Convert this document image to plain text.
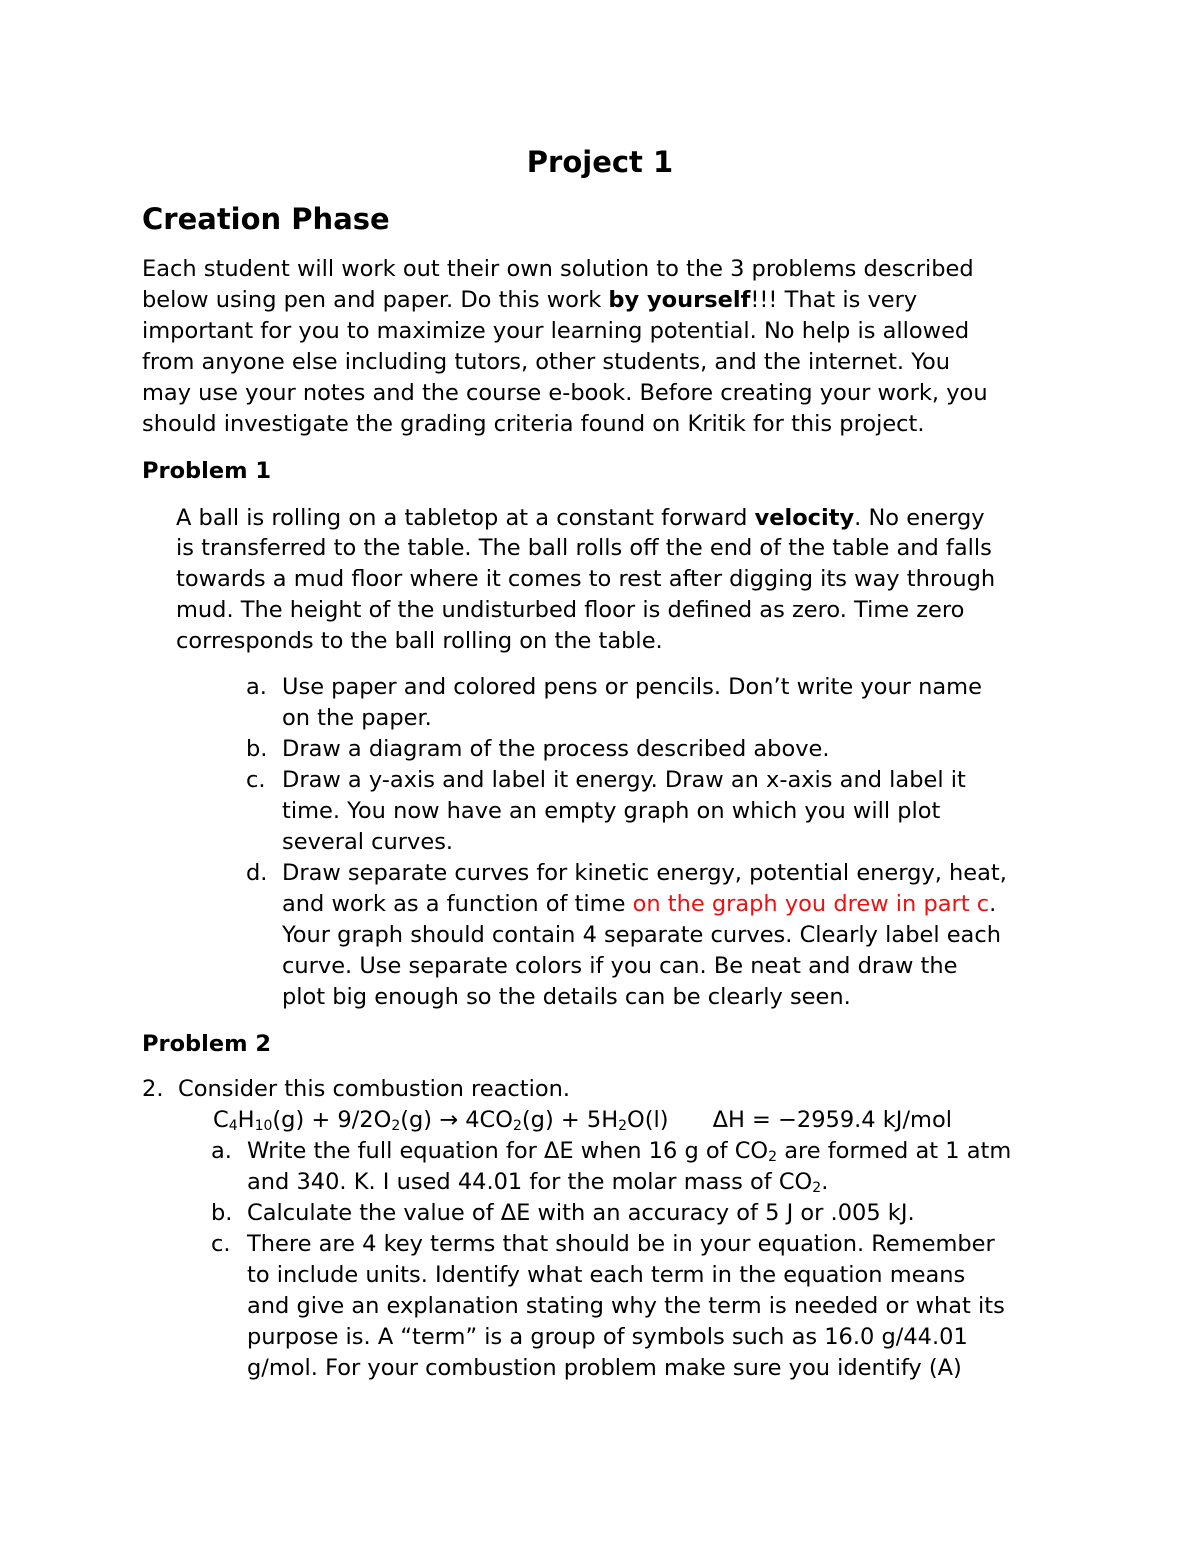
Project 1
Creation Phase
Each student will work out their own solution to the 3 problems described
below using pen and paper. Do this work by yourself!!! That is very
important for you to maximize your learning potential. No help is allowed
from anyone else including tutors, other students, and the internet. You
may use your notes and the course e-book. Before creating your work, you
should investigate the grading criteria found on Kritik for this project.
Problem 1
A ball is rolling on a tabletop at a constant forward velocity. No energy
is transferred to the table. The ball rolls off the end of the table and falls
towards a mud floor where it comes to rest after digging its way through
mud. The height of the undisturbed floor is defined as zero. Time zero
corresponds to the ball rolling on the table.
a. Use paper and colored pens or pencils. Don’t write your name
on the paper.
b. Draw a diagram of the process described above.
c. Draw a y-axis and label it energy. Draw an x-axis and label it
time. You now have an empty graph on which you will plot
several curves.
d. Draw separate curves for kinetic energy, potential energy, heat,
and work as a function of time on the graph you drew in part c.
Your graph should contain 4 separate curves. Clearly label each
curve. Use separate colors if you can. Be neat and draw the
plot big enough so the details can be clearly seen.
Problem 2
2. Consider this combustion reaction.
$C_4H_{10}(g) + 9/2O_2(g) \to 4CO_2(g) + 5H_2O(l) \Delta H = -2959.4$ kJ/mol
a. Write the full equation for ΔE when 16 g of $CO_2$ are formed at 1 atm
and 340. K. I used 44.01 for the molar mass of $CO_2$.
b. Calculate the value of ΔE with an accuracy of 5 J or .005 kJ.
c. There are 4 key terms that should be in your equation. Remember
to include units. Identify what each term in the equation means
and give an explanation stating why the term is needed or what its
purpose is. A “term” is a group of symbols such as 16.0 g/44.01
g/mol. For your combustion problem make sure you identify (A)
